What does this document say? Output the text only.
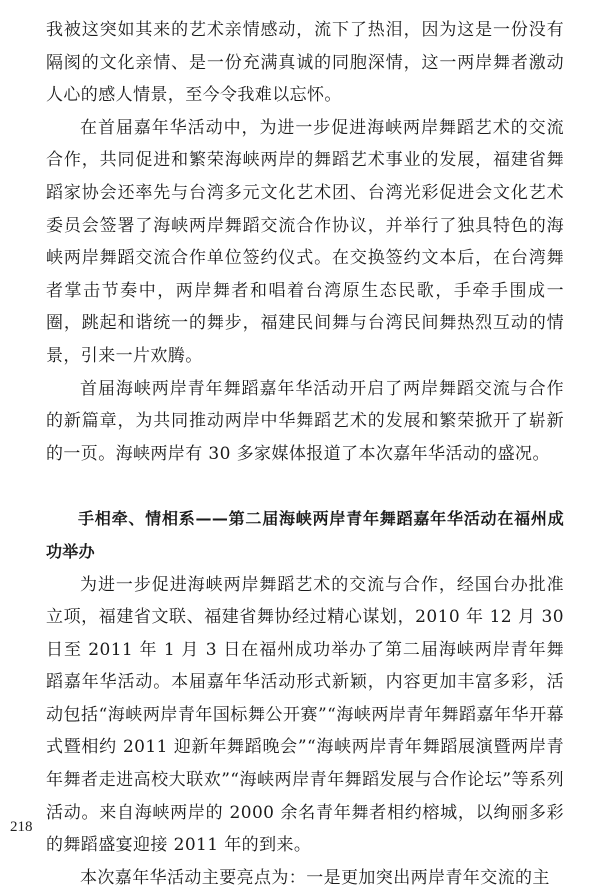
我被这突如其来的艺术亲情感动，流下了热泪，因为这是一份没有隔阂的文化亲情、是一份充满真诚的同胞深情，这一两岸舞者激动人心的感人情景，至今令我难以忘怀。

在首届嘉年华活动中，为进一步促进海峡两岸舞蹈艺术的交流合作，共同促进和繁荣海峡两岸的舞蹈艺术事业的发展，福建省舞蹈家协会还率先与台湾多元文化艺术团、台湾光彩促进会文化艺术委员会签署了海峡两岸舞蹈交流合作协议，并举行了独具特色的海峡两岸舞蹈交流合作单位签约仪式。在交换签约文本后，在台湾舞者掌击节奏中，两岸舞者和唱着台湾原生态民歌，手牵手围成一圈，跳起和谐统一的舞步，福建民间舞与台湾民间舞热烈互动的情景，引来一片欢腾。

首届海峡两岸青年舞蹈嘉年华活动开启了两岸舞蹈交流与合作的新篇章，为共同推动两岸中华舞蹈艺术的发展和繁荣掀开了崭新的一页。海峡两岸有 30 多家媒体报道了本次嘉年华活动的盛况。

手相牵、情相系——第二届海峡两岸青年舞蹈嘉年华活动在福州成功举办

为进一步促进海峡两岸舞蹈艺术的交流与合作，经国台办批准立项，福建省文联、福建省舞协经过精心谋划，2010 年 12 月 30 日至 2011 年 1 月 3 日在福州成功举办了第二届海峡两岸青年舞蹈嘉年华活动。本届嘉年华活动形式新颖，内容更加丰富多彩，活动包括“海峡两岸青年国标舞公开赛”“海峡两岸青年舞蹈嘉年华开幕式暨相约 2011 迎新年舞蹈晚会”“海峡两岸青年舞蹈展演暨两岸青年舞者走进高校大联欢”“海峡两岸青年舞蹈发展与合作论坛”等系列活动。来自海峡两岸的 2000 余名青年舞者相约榕城，以绚丽多彩的舞蹈盛宴迎接 2011 年的到来。

本次嘉年华活动主要亮点为：一是更加突出两岸青年交流的主

218
